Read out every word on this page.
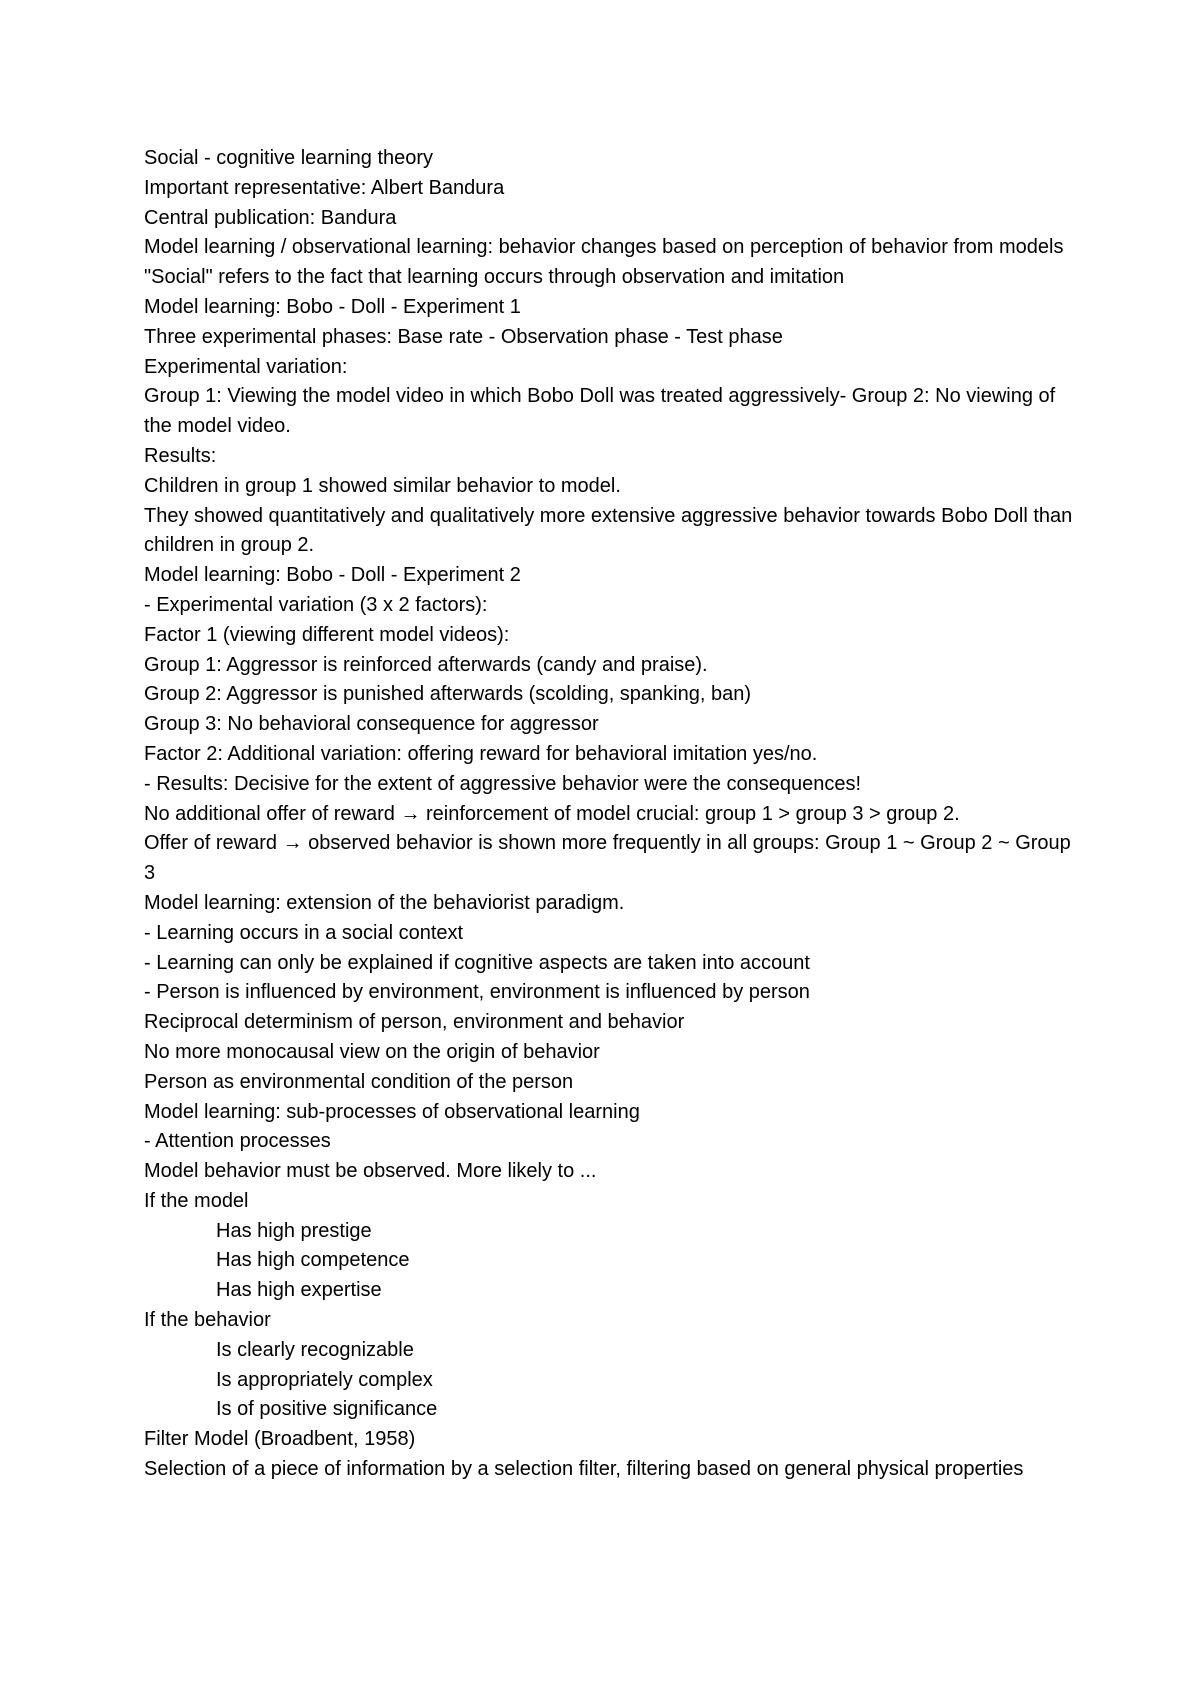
Social - cognitive learning theory

Important representative: Albert Bandura

Central publication: Bandura

Model learning / observational learning: behavior changes based on perception of behavior from models

"Social" refers to the fact that learning occurs through observation and imitation

Model learning: Bobo - Doll - Experiment 1

Three experimental phases: Base rate - Observation phase - Test phase

Experimental variation:

Group 1: Viewing the model video in which Bobo Doll was treated aggressively- Group 2: No viewing of the model video.

Results:

Children in group 1 showed similar behavior to model.

They showed quantitatively and qualitatively more extensive aggressive behavior towards Bobo Doll than children in group 2.

Model learning: Bobo - Doll - Experiment 2

- Experimental variation (3 x 2 factors):

Factor 1 (viewing different model videos):

Group 1: Aggressor is reinforced afterwards (candy and praise).

Group 2: Aggressor is punished afterwards (scolding, spanking, ban)

Group 3: No behavioral consequence for aggressor

Factor 2: Additional variation: offering reward for behavioral imitation yes/no.

- Results: Decisive for the extent of aggressive behavior were the consequences!

No additional offer of reward → reinforcement of model crucial: group 1 > group 3 > group 2.

Offer of reward → observed behavior is shown more frequently in all groups: Group 1 ~ Group 2 ~ Group 3

Model learning: extension of the behaviorist paradigm.

- Learning occurs in a social context

- Learning can only be explained if cognitive aspects are taken into account

- Person is influenced by environment, environment is influenced by person

Reciprocal determinism of person, environment and behavior

No more monocausal view on the origin of behavior

Person as environmental condition of the person

Model learning: sub-processes of observational learning

- Attention processes

Model behavior must be observed. More likely to ...

If the model

Has high prestige

Has high competence

Has high expertise

If the behavior

Is clearly recognizable

Is appropriately complex

Is of positive significance

Filter Model (Broadbent, 1958)

Selection of a piece of information by a selection filter, filtering based on general physical properties
